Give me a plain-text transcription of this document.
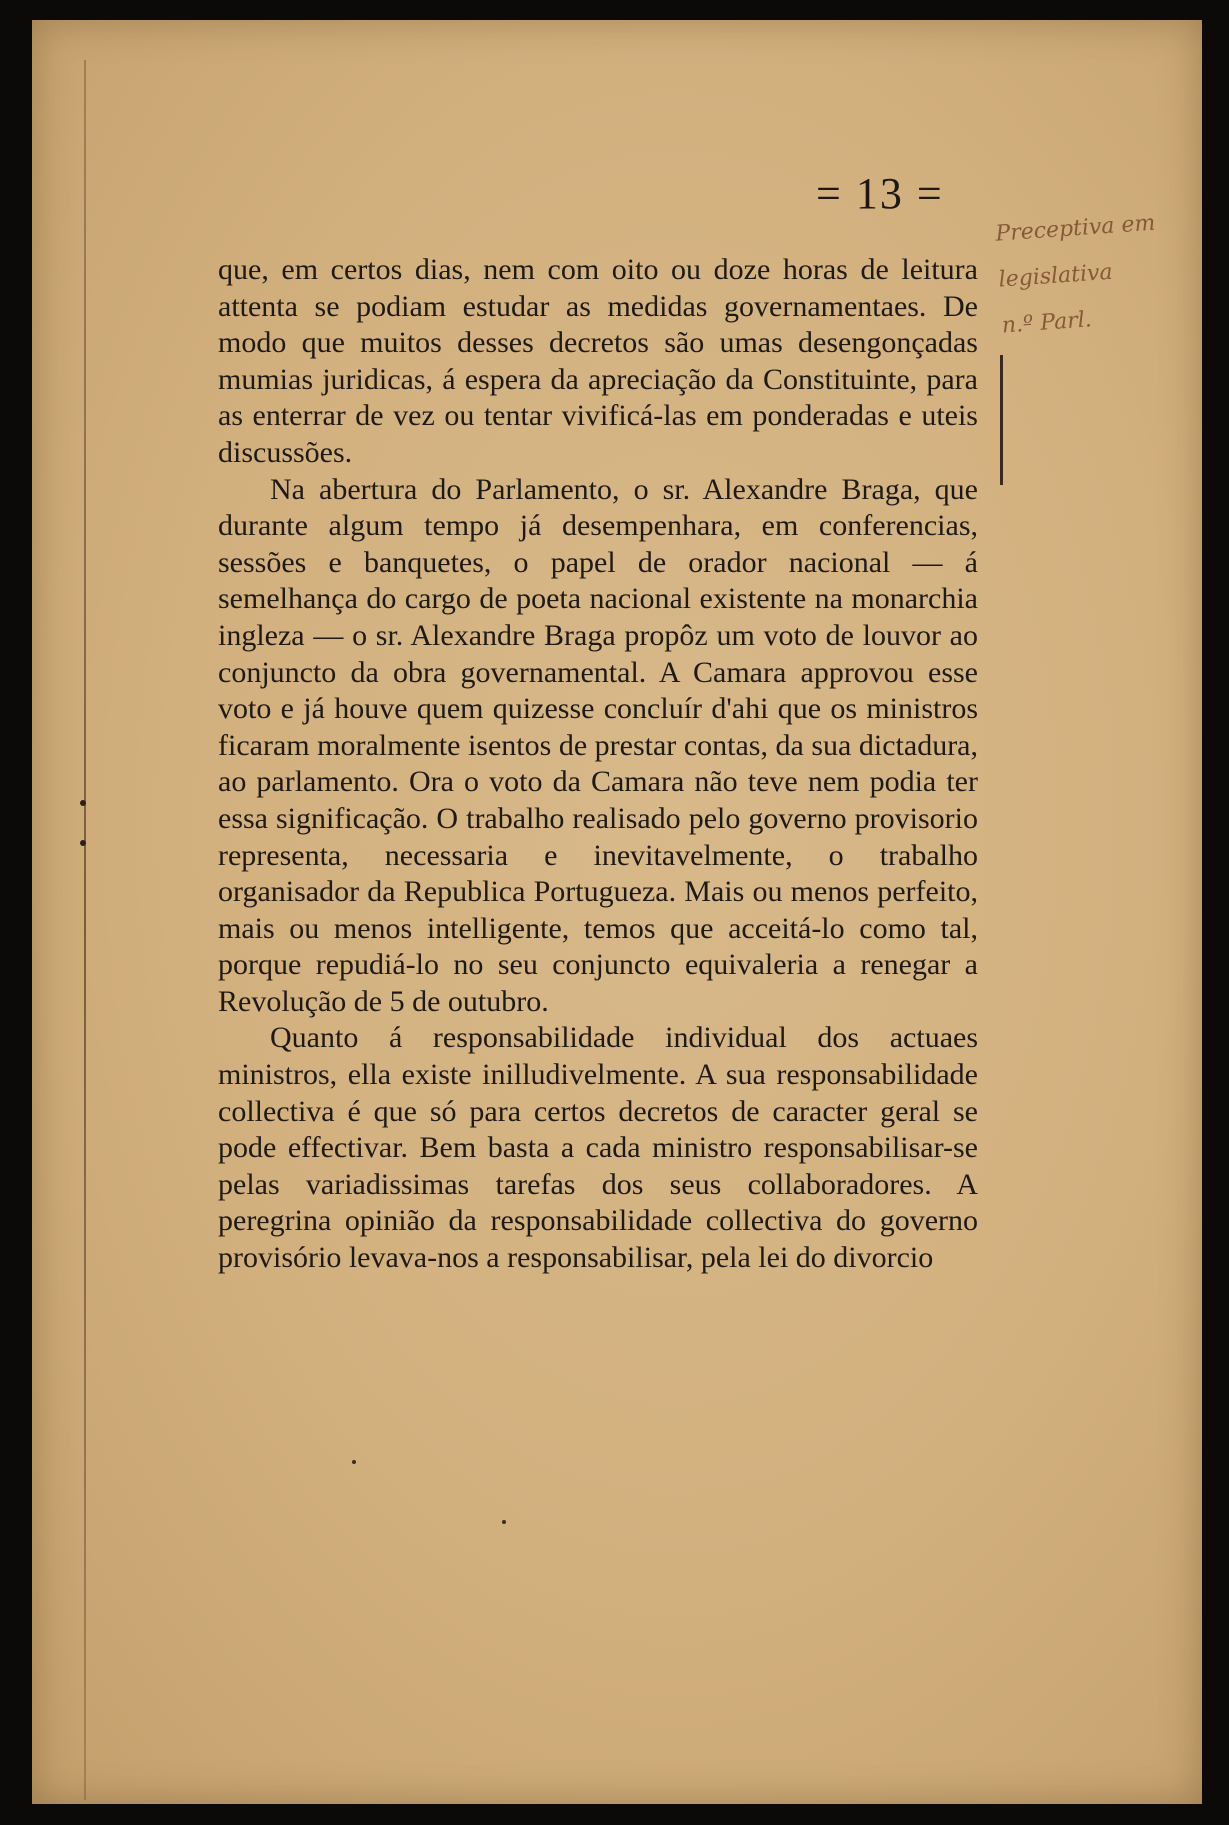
= 13 =

que, em certos dias, nem com oito ou doze horas de leitura attenta se podiam estudar as medidas governamentaes. De modo que muitos desses decretos são umas desengonçadas mumias juridicas, á espera da apreciação da Constituinte, para as enterrar de vez ou tentar vivificá-las em ponderadas e uteis discussões.

Na abertura do Parlamento, o sr. Alexandre Braga, que durante algum tempo já desempenhara, em conferencias, sessões e banquetes, o papel de orador nacional — á semelhança do cargo de poeta nacional existente na monarchia ingleza — o sr. Alexandre Braga propôz um voto de louvor ao conjuncto da obra governamental. A Camara approvou esse voto e já houve quem quizesse concluír d'ahi que os ministros ficaram moralmente isentos de prestar contas, da sua dictadura, ao parlamento. Ora o voto da Camara não teve nem podia ter essa significação. O trabalho realisado pelo governo provisorio representa, necessaria e inevitavelmente, o trabalho organisador da Republica Portugueza. Mais ou menos perfeito, mais ou menos intelligente, temos que acceitá-lo como tal, porque repudiá-lo no seu conjuncto equivaleria a renegar a Revolução de 5 de outubro.

Quanto á responsabilidade individual dos actuaes ministros, ella existe inilludivelmente. A sua responsabilidade collectiva é que só para certos decretos de caracter geral se pode effectivar. Bem basta a cada ministro responsabilisar-se pelas variadissimas tarefas dos seus collaboradores. A peregrina opinião da responsabilidade collectiva do governo provisório levava-nos a responsabilisar, pela lei do divorcio

Preceptiva em
legislativa
n.º Parl.
